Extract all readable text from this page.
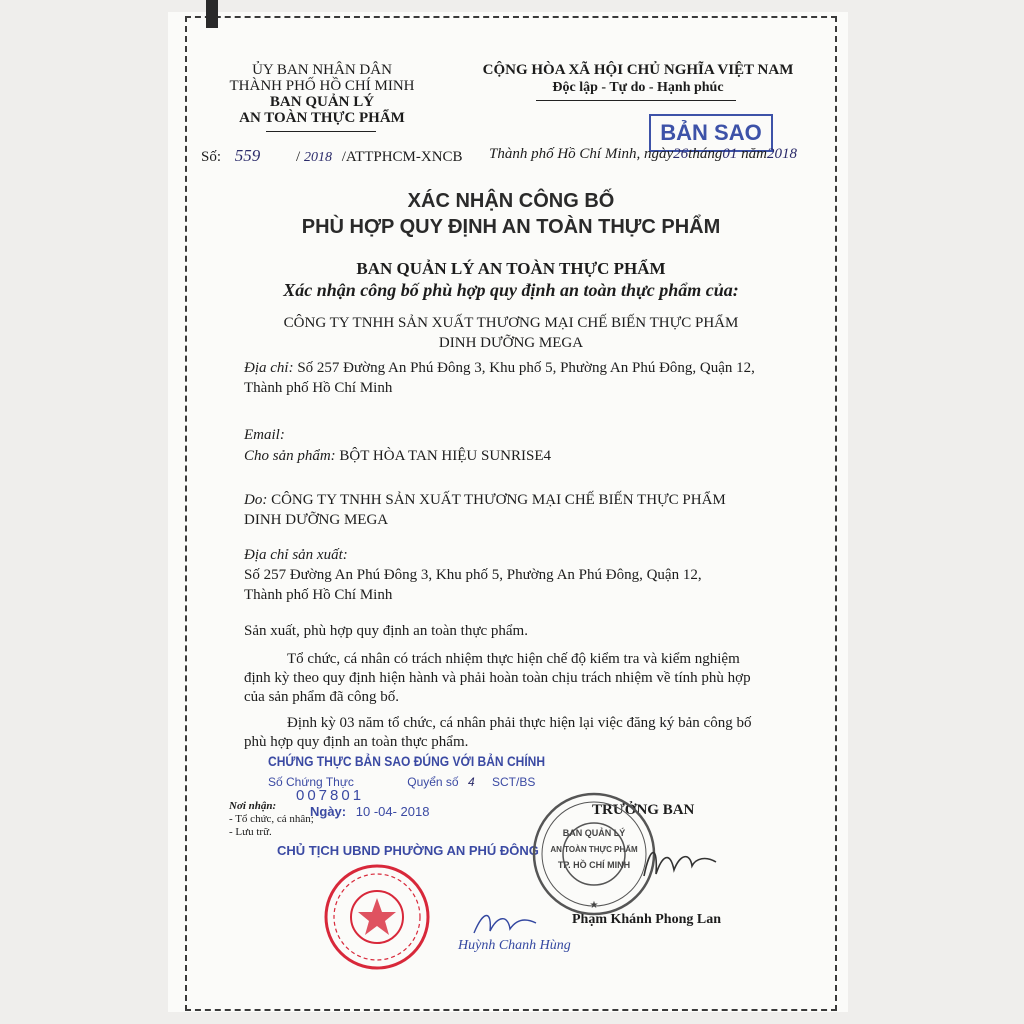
ỦY BAN NHÂN DÂN
THÀNH PHỐ HỒ CHÍ MINH
BAN QUẢN LÝ
AN TOÀN THỰC PHẨM
CỘNG HÒA XÃ HỘI CHỦ NGHĨA VIỆT NAM
Độc lập - Tự do - Hạnh phúc
BẢN SAO
Số: 559 / 2018 /ATTPHCM-XNCB Thành phố Hồ Chí Minh, ngày26tháng01 năm2018
XÁC NHẬN CÔNG BỐ
PHÙ HỢP QUY ĐỊNH AN TOÀN THỰC PHẨM
BAN QUẢN LÝ AN TOÀN THỰC PHẨM
Xác nhận công bố phù hợp quy định an toàn thực phẩm của:
CÔNG TY TNHH SẢN XUẤT THƯƠNG MẠI CHẾ BIẾN THỰC PHẨM
DINH DƯỠNG MEGA
Địa chỉ: Số 257 Đường An Phú Đông 3, Khu phố 5, Phường An Phú Đông, Quận 12,
Thành phố Hồ Chí Minh
Email:
Cho sản phẩm: BỘT HÒA TAN HIỆU SUNRISE4
Do: CÔNG TY TNHH SẢN XUẤT THƯƠNG MẠI CHẾ BIẾN THỰC PHẨM
DINH DƯỠNG MEGA
Địa chỉ sản xuất:
Số 257 Đường An Phú Đông 3, Khu phố 5, Phường An Phú Đông, Quận 12,
Thành phố Hồ Chí Minh
Sản xuất, phù hợp quy định an toàn thực phẩm.
Tổ chức, cá nhân có trách nhiệm thực hiện chế độ kiểm tra và kiểm nghiệm
định kỳ theo quy định hiện hành và phải hoàn toàn chịu trách nhiệm về tính phù hợp
của sản phẩm đã công bố.
Định kỳ 03 năm tổ chức, cá nhân phải thực hiện lại việc đăng ký bản công bố
phù hợp quy định an toàn thực phẩm.
CHỨNG THỰC BẢN SAO ĐÚNG VỚI BẢN CHÍNH
Số Chứng Thực	Quyển số 4 SCT/BS
007801
Ngày: 10 -04- 2018
CHỦ TỊCH UBND PHƯỜNG AN PHÚ ĐÔNG
Huỳnh Chanh Hùng
Nơi nhận:
- Tổ chức, cá nhân;
- Lưu trữ.
TRƯỞNG BAN
Phạm Khánh Phong Lan
BAN QUẢN LÝ
AN TOÀN THỰC PHẨM
TP. HỒ CHÍ MINH
★
